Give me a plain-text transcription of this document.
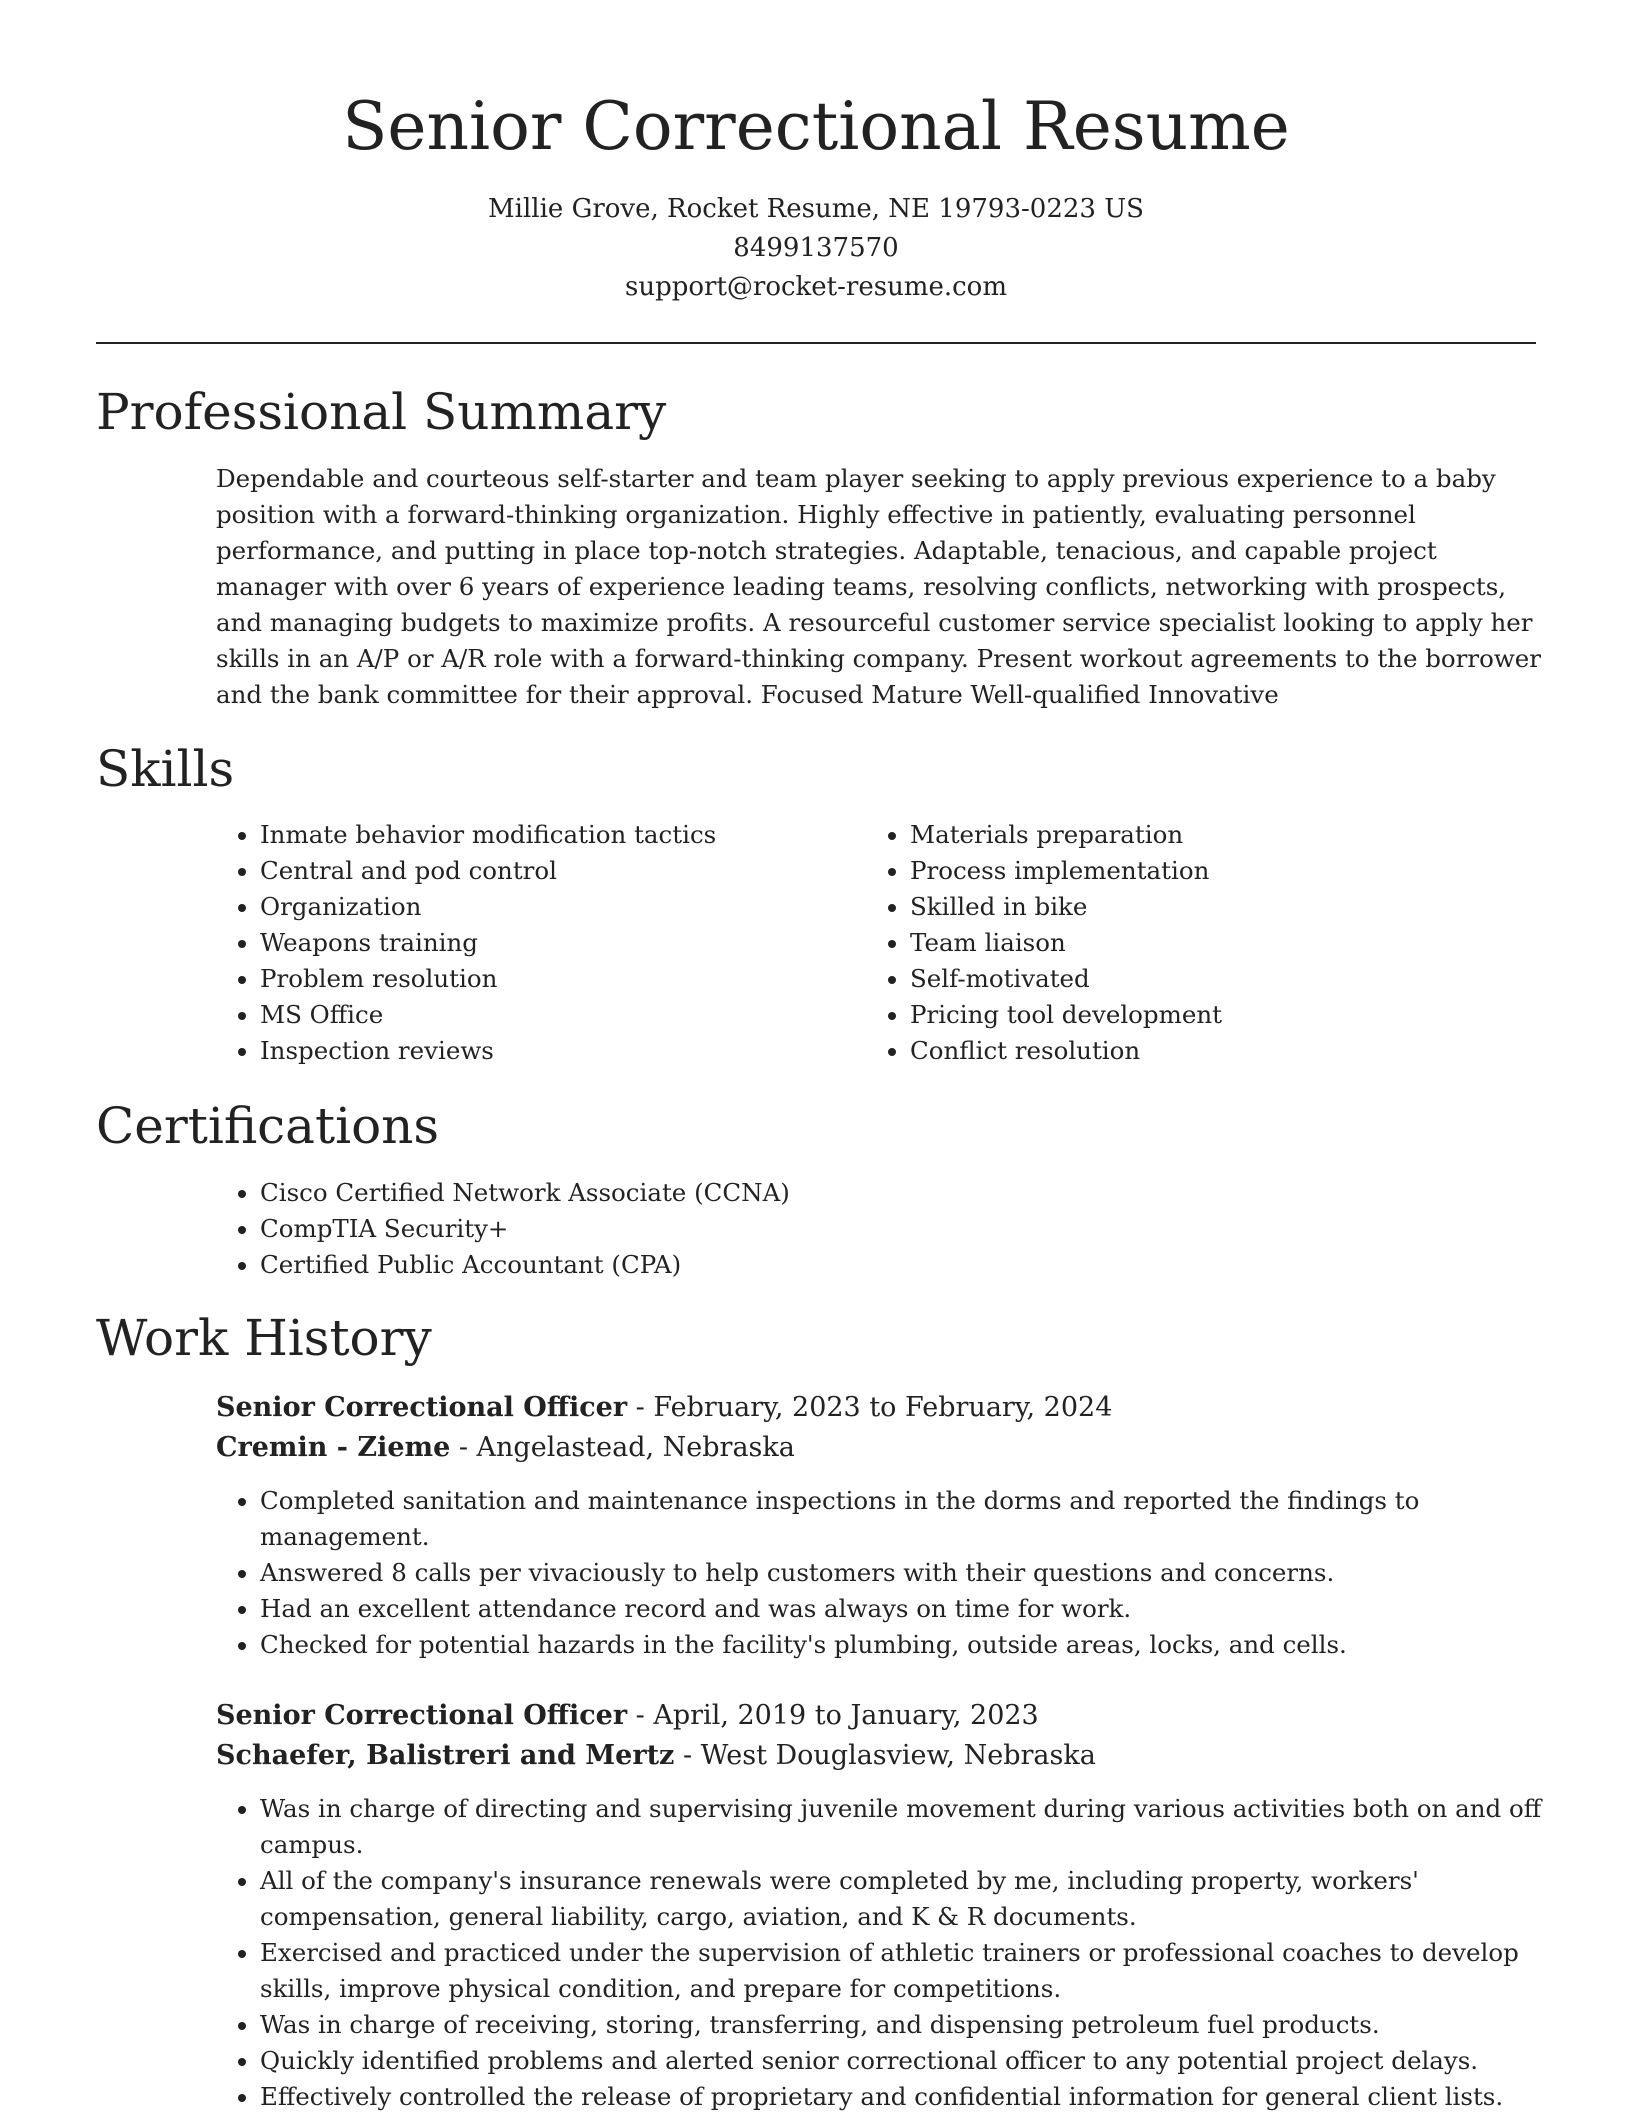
Senior Correctional Resume
Millie Grove, Rocket Resume, NE 19793-0223 US
8499137570
support@rocket-resume.com
Professional Summary

Dependable and courteous self-starter and team player seeking to apply previous experience to a baby position with a forward-thinking organization. Highly effective in patiently, evaluating personnel performance, and putting in place top-notch strategies. Adaptable, tenacious, and capable project manager with over 6 years of experience leading teams, resolving conflicts, networking with prospects, and managing budgets to maximize profits. A resourceful customer service specialist looking to apply her skills in an A/P or A/R role with a forward-thinking company. Present workout agreements to the borrower and the bank committee for their approval. Focused Mature Well-qualified Innovative

Skills
• Inmate behavior modification tactics
• Central and pod control
• Organization
• Weapons training
• Problem resolution
• MS Office
• Inspection reviews
• Materials preparation
• Process implementation
• Skilled in bike
• Team liaison
• Self-motivated
• Pricing tool development
• Conflict resolution
Certifications
• Cisco Certified Network Associate (CCNA)
• CompTIA Security+
• Certified Public Accountant (CPA)
Work History
Senior Correctional Officer - February, 2023 to February, 2024
Cremin - Zieme - Angelastead, Nebraska
• Completed sanitation and maintenance inspections in the dorms and reported the findings to management.
• Answered 8 calls per vivaciously to help customers with their questions and concerns.
• Had an excellent attendance record and was always on time for work.
• Checked for potential hazards in the facility's plumbing, outside areas, locks, and cells.
Senior Correctional Officer - April, 2019 to January, 2023
Schaefer, Balistreri and Mertz - West Douglasview, Nebraska
• Was in charge of directing and supervising juvenile movement during various activities both on and off campus.
• All of the company's insurance renewals were completed by me, including property, workers' compensation, general liability, cargo, aviation, and K & R documents.
• Exercised and practiced under the supervision of athletic trainers or professional coaches to develop skills, improve physical condition, and prepare for competitions.
• Was in charge of receiving, storing, transferring, and dispensing petroleum fuel products.
• Quickly identified problems and alerted senior correctional officer to any potential project delays.
• Effectively controlled the release of proprietary and confidential information for general client lists.
